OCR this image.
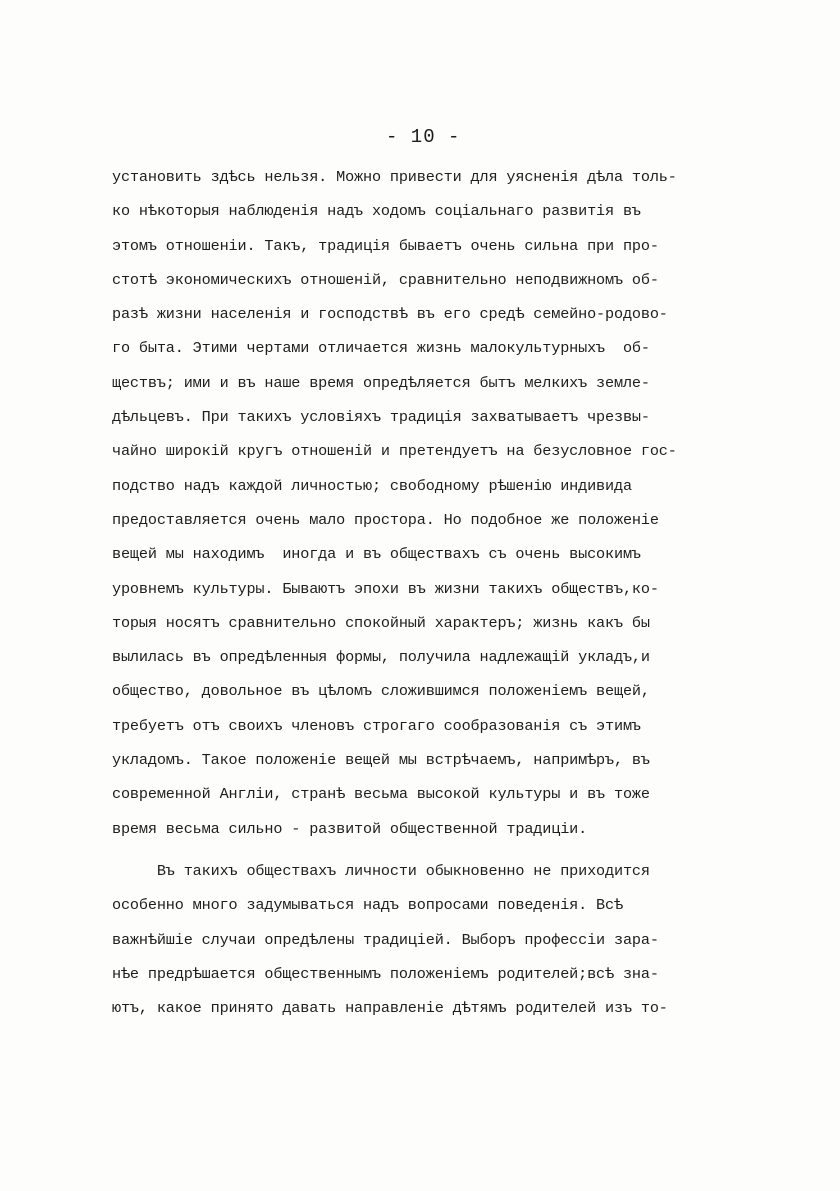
- 10 -
установить здѣсь нельзя. Можно привести для уясненія дѣла толь-
ко нѣкоторыя наблюденія надъ ходомъ соціальнаго развитія въ
этомъ отношеніи. Такъ, традиція бываетъ очень сильна при про-
стотѣ экономическихъ отношеній, сравнительно неподвижномъ об-
разѣ жизни населенія и господствѣ въ его средѣ семейно-родово-
го быта. Этими чертами отличается жизнь малокультурныхъ  об-
ществъ; ими и въ наше время опредѣляется бытъ мелкихъ земле-
дѣльцевъ. При такихъ условіяхъ традиція захватываетъ чрезвы-
чайно широкій кругъ отношеній и претендуетъ на безусловное гос-
подство надъ каждой личностью; свободному рѣшенію индивида
предоставляется очень мало простора. Но подобное же положеніе
вещей мы находимъ  иногда и въ обществахъ съ очень высокимъ
уровнемъ культуры. Бываютъ эпохи въ жизни такихъ обществъ,ко-
торыя носятъ сравнительно спокойный характеръ; жизнь какъ бы
вылилась въ опредѣленныя формы, получила надлежащій укладъ,и
общество, довольное въ цѣломъ сложившимся положеніемъ вещей,
требуетъ отъ своихъ членовъ строгаго сообразованія съ этимъ
укладомъ. Такое положеніе вещей мы встрѣчаемъ, напримѣръ, въ
современной Англіи, странѣ весьма высокой культуры и въ тоже
время весьма сильно - развитой общественной традиціи.
Въ такихъ обществахъ личности обыкновенно не приходится
особенно много задумываться надъ вопросами поведенія. Всѣ
важнѣйшіе случаи опредѣлены традиціей. Выборъ профессіи зара-
нѣе предрѣшается общественнымъ положеніемъ родителей;всѣ зна-
ютъ, какое принято давать направленіе дѣтямъ родителей изъ то-
